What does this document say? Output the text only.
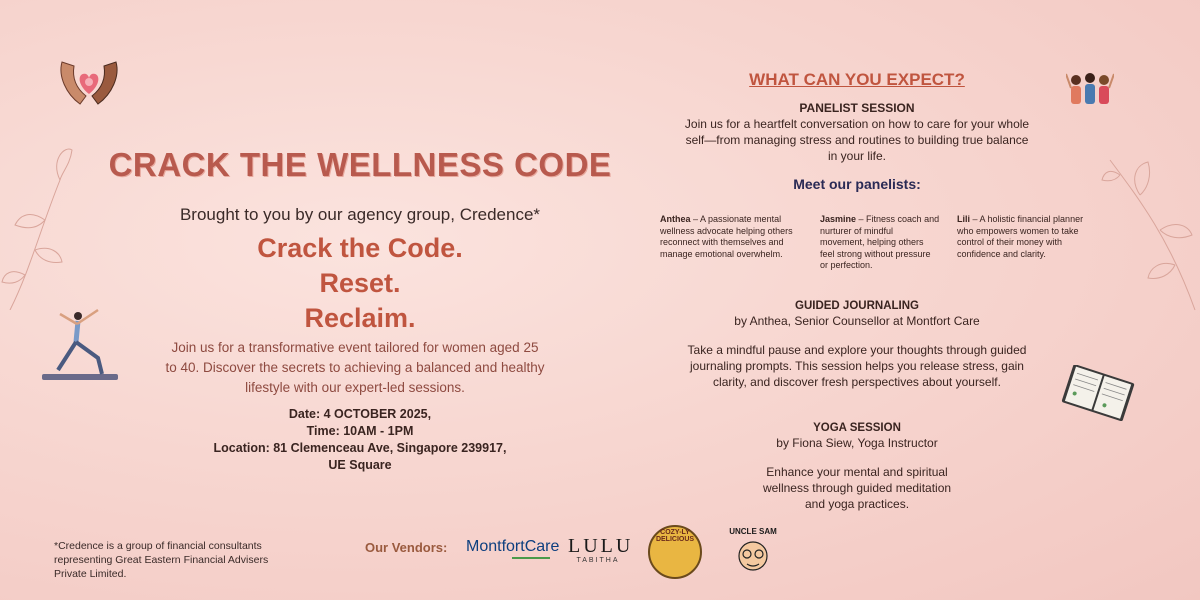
CRACK THE WELLNESS CODE
Brought to you by our agency group, Credence*
Crack the Code.
Reset.
Reclaim.
Join us for a transformative event tailored for women aged 25 to 40. Discover the secrets to achieving a balanced and healthy lifestyle with our expert-led sessions.
Date: 4 OCTOBER 2025,
Time: 10AM - 1PM
Location: 81 Clemenceau Ave, Singapore 239917,
UE Square
*Credence is a group of financial consultants representing Great Eastern Financial Advisers Private Limited.
Our Vendors: MontfortCare LULU
TABITHA
COZY-LY DELICIOUS
UNCLE SAM
WHAT CAN YOU EXPECT?
PANELIST SESSION
Join us for a heartfelt conversation on how to care for your whole self—from managing stress and routines to building true balance in your life.
Meet our panelists:
Anthea – A passionate mental wellness advocate helping others reconnect with themselves and manage emotional overwhelm.
Jasmine – Fitness coach and nurturer of mindful movement, helping others feel strong without pressure or perfection.
Lili – A holistic financial planner who empowers women to take control of their money with confidence and clarity.
GUIDED JOURNALING
by Anthea, Senior Counsellor at Montfort Care
Take a mindful pause and explore your thoughts through guided journaling prompts. This session helps you release stress, gain clarity, and discover fresh perspectives about yourself.
YOGA SESSION
by Fiona Siew, Yoga Instructor
Enhance your mental and spiritual wellness through guided meditation and yoga practices.
